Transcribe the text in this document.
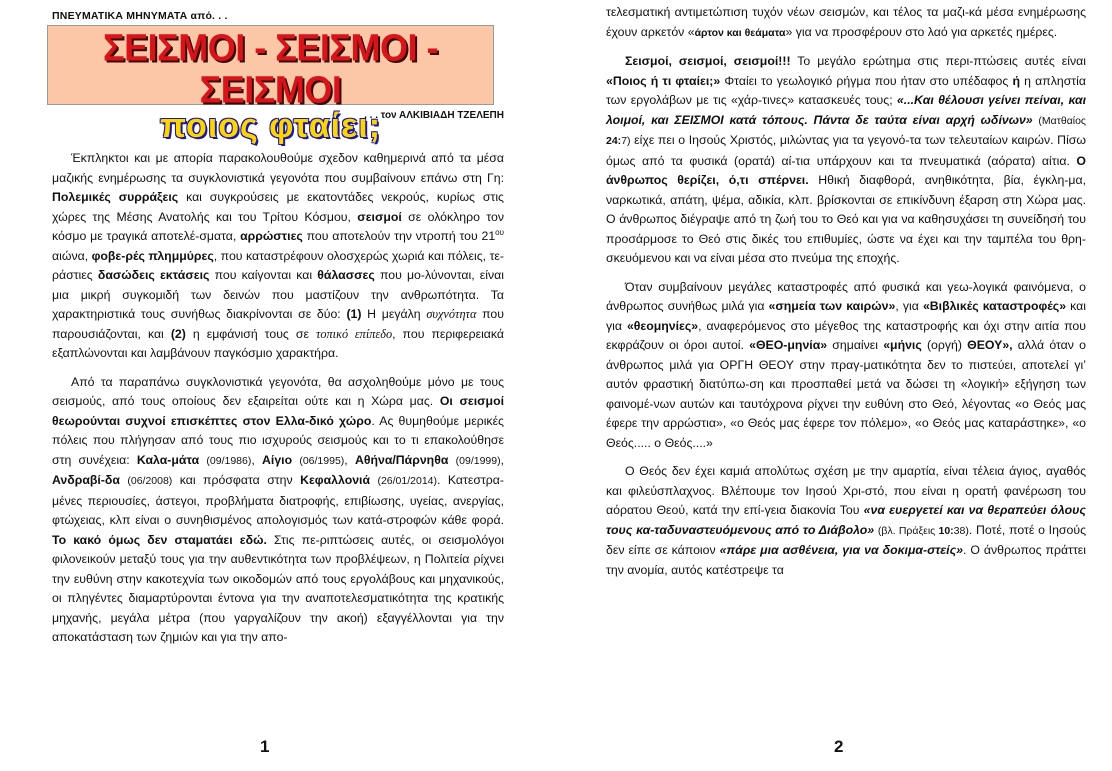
ΠΝΕΥΜΑΤΙΚΑ ΜΗΝΥΜΑΤΑ από. . .
ΣΕΙΣΜΟΙ - ΣΕΙΣΜΟΙ - ΣΕΙΣΜΟΙ
ποιος φταίει;
. . . τον ΑΛΚΙΒΙΑΔΗ ΤΖΕΛΕΠΗ

Έκπληκτοι και με απορία παρακολουθούμε σχεδον καθημερινά από τα μέσα μαζικής ενημέρωσης τα συγκλονιστικά γεγονότα που συμβαίνουν επάνω στη Γη: Πολεμικές συρράξεις και συγκρούσεις με εκατοντάδες νεκρούς, κυρίως στις χώρες της Μέσης Ανατολής και του Τρίτου Κόσμου, σεισμοί σε ολόκληρο τον κόσμο με τραγικά αποτελέ-σματα, αρρώστιες που αποτελούν την ντροπή του $21^{o\upsilon}$ αιώνα, φοβε-ρές πλημμύρες, που καταστρέφουν ολοσχερώς χωριά και πόλεις, τε-ράστιες δασώδεις εκτάσεις που καίγονται και θάλασσες που μο-λύνονται, είναι μια μικρή συγκομιδή των δεινών που μαστίζουν την ανθρωπότητα. Τα χαρακτηριστικά τους συνήθως διακρίνονται σε δύο: (1) Η μεγάλη συχνότητα που παρουσιάζονται, και (2) η εμφάνισή τους σε τοπικό επίπεδο, που περιφερειακά εξαπλώνονται και λαμβάνουν παγκόσμιο χαρακτήρα.

Από τα παραπάνω συγκλονιστικά γεγονότα, θα ασχοληθούμε μόνο με τους σεισμούς, από τους οποίους δεν εξαιρείται ούτε και η Χώρα μας. Οι σεισμοί θεωρούνται συχνοί επισκέπτες στον Ελλα-δικό χώρο. Ας θυμηθούμε μερικές πόλεις που πλήγησαν από τους πιο ισχυρούς σεισμούς και το τι επακολούθησε στη συνέχεια: Καλα-μάτα (09/1986), Αίγιο (06/1995), Αθήνα/Πάρνηθα (09/1999), Ανδραβί-δα (06/2008) και πρόσφατα στην Κεφαλλονιά (26/01/2014). Κατεστρα-μένες περιουσίες, άστεγοι, προβλήματα διατροφής, επιβίωσης, υγείας, ανεργίας, φτώχειας, κλπ είναι ο συνηθισμένος απολογισμός των κατά-στροφών κάθε φορά. Το κακό όμως δεν σταματάει εδώ. Στις πε-ριπτώσεις αυτές, οι σεισμολόγοι φιλονεικούν μεταξύ τους για την αυθεντικότητα των προβλέψεων, η Πολιτεία ρίχνει την ευθύνη στην κακοτεχνία των οικοδομών από τους εργολάβους και μηχανικούς, οι πληγέντες διαμαρτύρονται έντονα για την αναποτελεσματικότητα της κρατικής μηχανής, μεγάλα μέτρα (που γαργαλίζουν την ακοή) εξαγγέλλονται για την αποκατάσταση των ζημιών και για την απο-

1

τελεσματική αντιμετώπιση τυχόν νέων σεισμών, και τέλος τα μαζι-κά μέσα ενημέρωσης έχουν αρκετόν «άρτον και θεάματα» για να προσφέρουν στο λαό για αρκετές ημέρες.

Σεισμοί, σεισμοί, σεισμοί!!! Το μεγάλο ερώτημα στις περι-πτώσεις αυτές είναι «Ποιος ή τι φταίει;» Φταίει το γεωλογικό ρήγμα που ήταν στο υπέδαφος ή η απληστία των εργολάβων με τις «χάρ-τινες» κατασκευές τους; «...Και θέλουσι γείνει πείναι, και λοιμοί, και ΣΕΙΣΜΟΙ κατά τόπους. Πάντα δε ταύτα είναι αρχή ωδίνων» (Ματθαίος 24:7) είχε πει ο Ιησούς Χριστός, μιλώντας για τα γεγονό-τα των τελευταίων καιρών. Πίσω όμως από τα φυσικά (ορατά) αί-τια υπάρχουν και τα πνευματικά (αόρατα) αίτια. Ο άνθρωπος θερίζει, ό,τι σπέρνει. Ηθική διαφθορά, ανηθικότητα, βία, έγκλη-μα, ναρκωτικά, απάτη, ψέμα, αδικία, κλπ. βρίσκονται σε επικίνδυνη έξαρση στη Χώρα μας. Ο άνθρωπος διέγραψε από τη ζωή του το Θεό και για να καθησυχάσει τη συνείδησή του προσάρμοσε το Θεό στις δικές του επιθυμίες, ώστε να έχει και την ταμπέλα του θρη-σκευόμενου και να είναι μέσα στο πνεύμα της εποχής.

Όταν συμβαίνουν μεγάλες καταστροφές από φυσικά και γεω-λογικά φαινόμενα, ο άνθρωπος συνήθως μιλά για «σημεία των καιρών», για «Βιβλικές καταστροφές» και για «θεομηνίες», αναφερόμενος στο μέγεθος της καταστροφής και όχι στην αιτία που εκφράζουν οι όροι αυτοί. «ΘΕΟ-μηνία» σημαίνει «μήνις (οργή) ΘΕΟΥ», αλλά όταν ο άνθρωπος μιλά για ΟΡΓΗ ΘΕΟΥ στην πραγ-ματικότητα δεν το πιστεύει, αποτελεί γι’ αυτόν φραστική διατύπω-ση και προσπαθεί μετά να δώσει τη «λογική» εξήγηση των φαινομέ-νων αυτών και ταυτόχρονα ρίχνει την ευθύνη στο Θεό, λέγοντας «ο Θεός μας έφερε την αρρώστια», «ο Θεός μας έφερε τον πόλεμο», «ο Θεός μας καταράστηκε», «ο Θεός..... ο Θεός....»

Ο Θεός δεν έχει καμιά απολύτως σχέση με την αμαρτία, είναι τέλεια άγιος, αγαθός και φιλεύσπλαχνος. Βλέπουμε τον Ιησού Χρι-στό, που είναι η ορατή φανέρωση του αόρατου Θεού, κατά την επί-γεια διακονία Του «να ευεργετεί και να θεραπεύει όλους τους κα-ταδυναστευόμενους από το Διάβολο» (βλ. Πράξεις 10:38). Ποτέ, ποτέ ο Ιησούς δεν είπε σε κάποιον «πάρε μια ασθένεια, για να δοκιμα-στείς». Ο άνθρωπος πράττει την ανομία, αυτός κατέστρεψε τα

2
